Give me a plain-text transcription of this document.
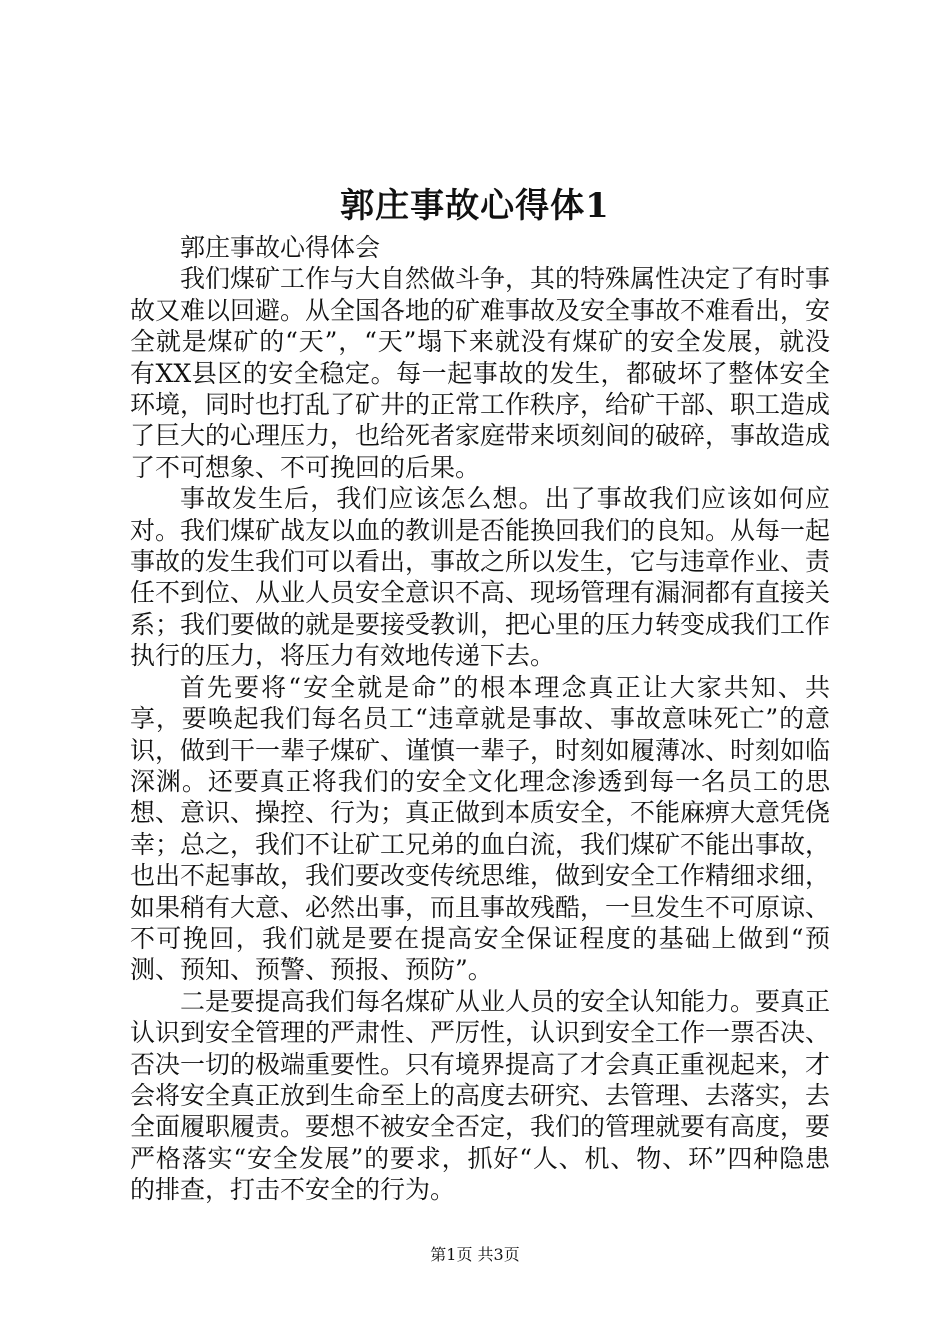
郭庄事故心得体1

郭庄事故心得体会

我们煤矿工作与大自然做斗争，其的特殊属性决定了有时事故又难以回避。从全国各地的矿难事故及安全事故不难看出，安全就是煤矿的“天”，“天”塌下来就没有煤矿的安全发展，就没有XX县区的安全稳定。每一起事故的发生，都破坏了整体安全环境，同时也打乱了矿井的正常工作秩序，给矿干部、职工造成了巨大的心理压力，也给死者家庭带来顷刻间的破碎，事故造成了不可想象、不可挽回的后果。

事故发生后，我们应该怎么想。出了事故我们应该如何应对。我们煤矿战友以血的教训是否能换回我们的良知。从每一起事故的发生我们可以看出，事故之所以发生，它与违章作业、责任不到位、从业人员安全意识不高、现场管理有漏洞都有直接关系；我们要做的就是要接受教训，把心里的压力转变成我们工作执行的压力，将压力有效地传递下去。

首先要将“安全就是命”的根本理念真正让大家共知、共享，要唤起我们每名员工“违章就是事故、事故意味死亡”的意识，做到干一辈子煤矿、谨慎一辈子，时刻如履薄冰、时刻如临深渊。还要真正将我们的安全文化理念渗透到每一名员工的思想、意识、操控、行为；真正做到本质安全，不能麻痹大意凭侥幸；总之，我们不让矿工兄弟的血白流，我们煤矿不能出事故，也出不起事故，我们要改变传统思维，做到安全工作精细求细，如果稍有大意、必然出事，而且事故残酷，一旦发生不可原谅、不可挽回，我们就是要在提高安全保证程度的基础上做到“预测、预知、预警、预报、预防”。

二是要提高我们每名煤矿从业人员的安全认知能力。要真正认识到安全管理的严肃性、严厉性，认识到安全工作一票否决、否决一切的极端重要性。只有境界提高了才会真正重视起来，才会将安全真正放到生命至上的高度去研究、去管理、去落实，去全面履职履责。要想不被安全否定，我们的管理就要有高度，要严格落实“安全发展”的要求，抓好“人、机、物、环”四种隐患的排查，打击不安全的行为。

第1页 共3页
